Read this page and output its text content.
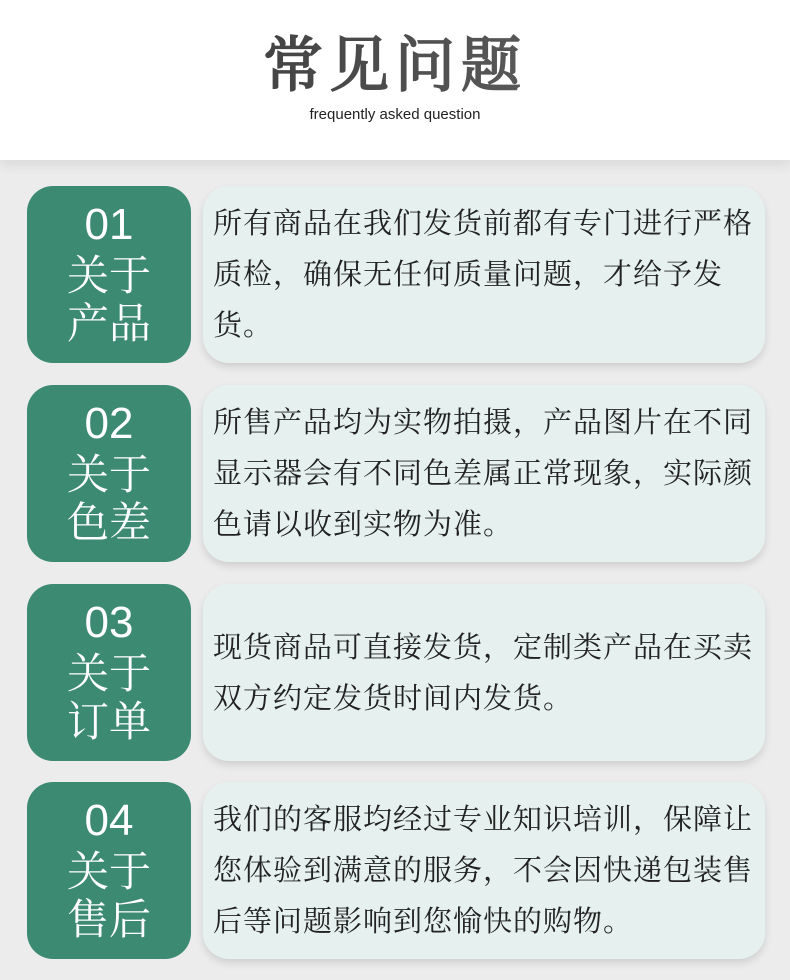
常见问题
frequently asked question
01
关于产品
所有商品在我们发货前都有专门进行严格质检，确保无任何质量问题，才给予发货。
02
关于色差
所售产品均为实物拍摄，产品图片在不同显示器会有不同色差属正常现象，实际颜色请以收到实物为准。
03
关于订单
现货商品可直接发货，定制类产品在买卖双方约定发货时间内发货。
04
关于售后
我们的客服均经过专业知识培训，保障让您体验到满意的服务，不会因快递包装售后等问题影响到您愉快的购物。
